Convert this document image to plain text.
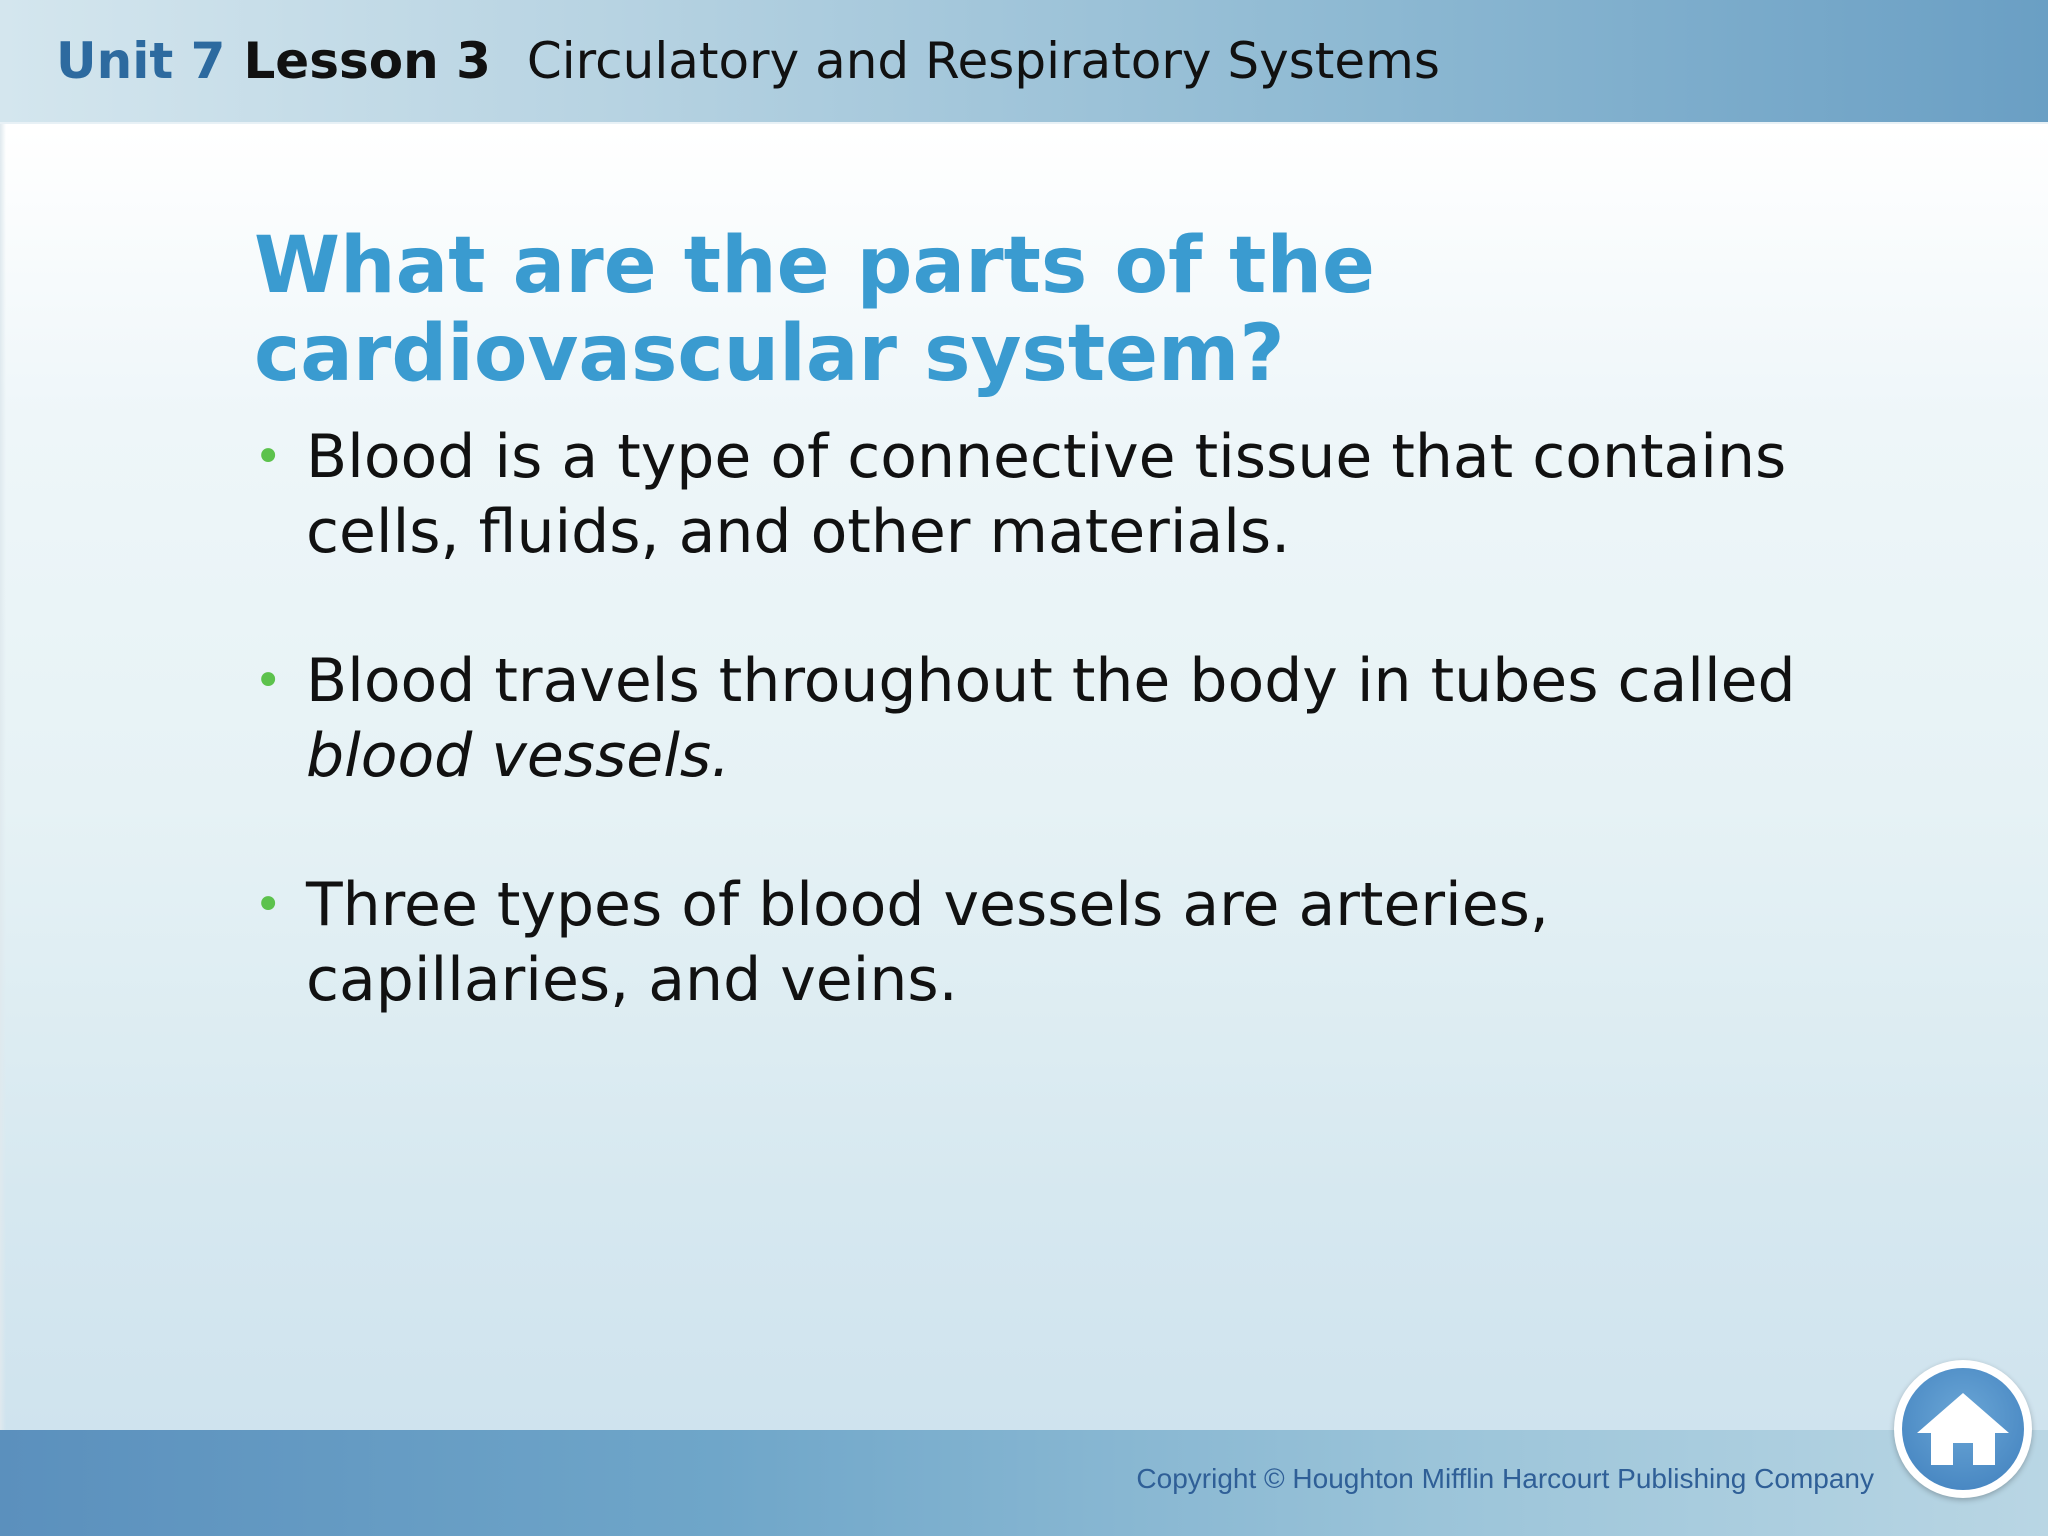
Unit 7 Lesson 3 Circulatory and Respiratory Systems
What are the parts of the
cardiovascular system?
• Blood is a type of connective tissue that contains
cells, fluids, and other materials.
• Blood travels throughout the body in tubes called
blood vessels.
• Three types of blood vessels are arteries,
capillaries, and veins.
Copyright © Houghton Mifflin Harcourt Publishing Company
